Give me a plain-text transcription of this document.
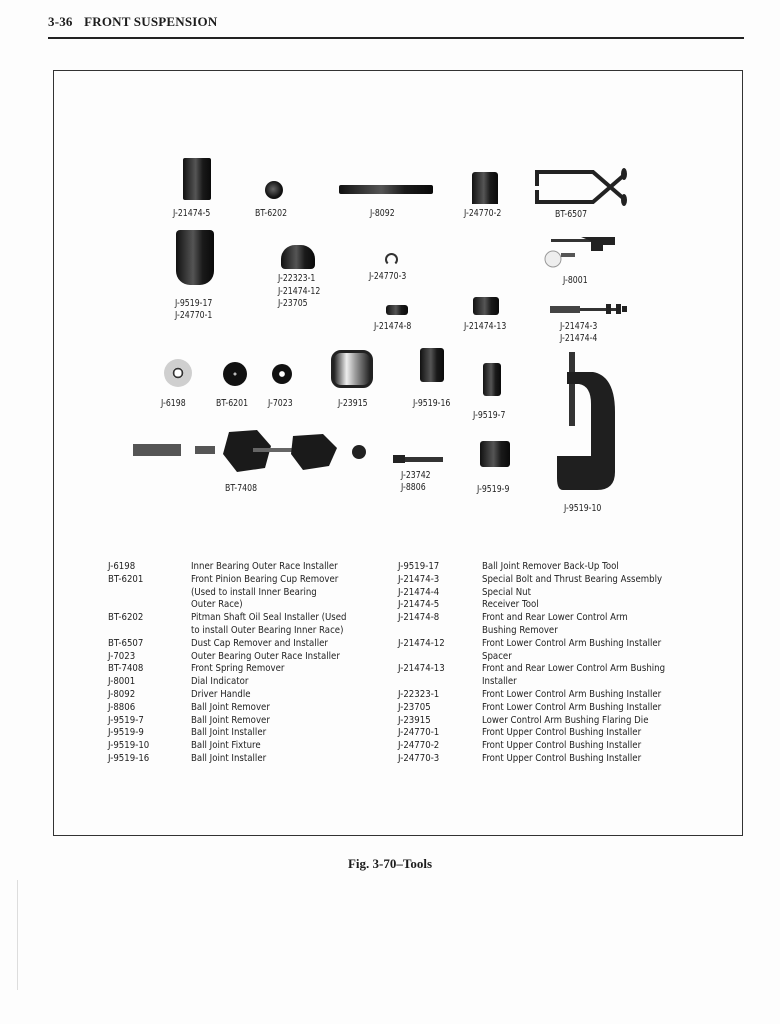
3-36 FRONT SUSPENSION
J-21474-5	BT-6202	J-8092	J-24770-2	BT-6507
J-9519-17
J-24770-1
J-22323-1
J-21474-12
J-23705
J-24770-3	J-8001
J-21474-8	J-21474-13	J-21474-3
J-21474-4
J-6198	BT-6201 J-7023	J-23915	J-9519-16
J-9519-7
BT-7408
J-23742
J-8806	J-9519-9
J-9519-10
J-6198	Inner Bearing Outer Race Installer
BT-6201	Front Pinion Bearing Cup Remover
(Used to install Inner Bearing
Outer Race)
BT-6202	Pitman Shaft Oil Seal Installer (Used
to install Outer Bearing Inner Race)
BT-6507	Dust Cap Remover and Installer
J-7023	Outer Bearing Outer Race Installer
BT-7408	Front Spring Remover
J-8001	Dial Indicator
J-8092	Driver Handle
J-8806	Ball Joint Remover
J-9519-7	Ball Joint Remover
J-9519-9	Ball Joint Installer
J-9519-10	Ball Joint Fixture
J-9519-16	Ball Joint Installer
J-9519-17	Ball Joint Remover Back-Up Tool
J-21474-3	Special Bolt and Thrust Bearing Assembly
J-21474-4	Special Nut
J-21474-5	Receiver Tool
J-21474-8	Front and Rear Lower Control Arm
Bushing Remover
J-21474-12	Front Lower Control Arm Bushing Installer
Spacer
J-21474-13	Front and Rear Lower Control Arm Bushing
Installer
J-22323-1	Front Lower Control Arm Bushing Installer
J-23705	Front Lower Control Arm Bushing Installer
J-23915	Lower Control Arm Bushing Flaring Die
J-24770-1	Front Upper Control Bushing Installer
J-24770-2	Front Upper Control Bushing Installer
J-24770-3	Front Upper Control Bushing Installer
Fig. 3-70–Tools
